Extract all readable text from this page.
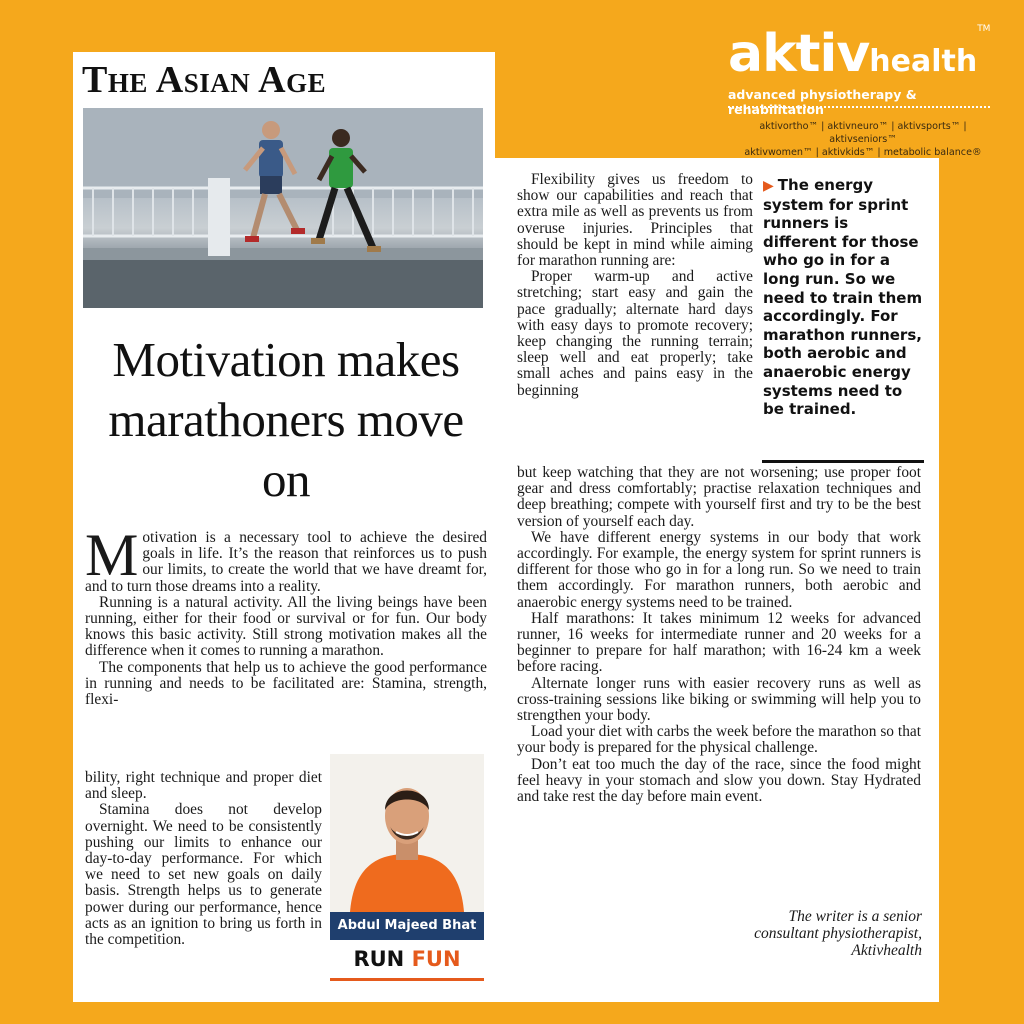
The Asian Age
Motivation makes marathoners move on

Motivation is a necessary tool to achieve the desired goals in life. It’s the reason that reinforces us to push our limits, to create the world that we have dreamt for, and to turn those dreams into a reality.

Running is a natural activity. All the living beings have been running, either for their food or survival or for fun. Our body knows this basic activity. Still strong motivation makes all the difference when it comes to running a marathon.

The components that help us to achieve the good performance in running and needs to be facilitated are: Stamina, strength, flexi-

bility, right technique and proper diet and sleep.

Stamina does not develop overnight. We need to be consistently pushing our limits to enhance our day-to-day performance. For which we need to set new goals on daily basis. Strength helps us to generate power during our performance, hence acts as an ignition to bring us forth in the competition.

Abdul Majeed Bhat
RUN FUN

Flexibility gives us freedom to show our capabilities and reach that extra mile as well as prevents us from overuse injuries. Principles that should be kept in mind while aiming for marathon running are:

Proper warm-up and active stretching; start easy and gain the pace gradually; alternate hard days with easy days to promote recovery; keep changing the running terrain; sleep well and eat properly; take small aches and pains easy in the beginning

▶ The energy system for sprint runners is different for those who go in for a long run. So we need to train them accordingly. For marathon runners, both aerobic and anaerobic energy systems need to be trained.

but keep watching that they are not worsening; use proper foot gear and dress comfortably; practise relaxation techniques and deep breathing; compete with yourself first and try to be the best version of yourself each day.

We have different energy systems in our body that work accordingly. For example, the energy system for sprint runners is different for those who go in for a long run. So we need to train them accordingly. For marathon runners, both aerobic and anaerobic energy systems need to be trained.

Half marathons: It takes minimum 12 weeks for advanced runner, 16 weeks for intermediate runner and 20 weeks for a beginner to prepare for half marathon; with 16-24 km a week before racing.

Alternate longer runs with easier recovery runs as well as cross-training sessions like biking or swimming will help you to strengthen your body.

Load your diet with carbs the week before the marathon so that your body is prepared for the physical challenge.

Don’t eat too much the day of the race, since the food might feel heavy in your stomach and slow you down. Stay Hydrated and take rest the day before main event.

The writer is a senior consultant physiotherapist, Aktivhealth
aktivhealth™
advanced physiotherapy & rehabilitation
aktivortho™ | aktivneuro™ | aktivsports™ | aktivseniors™
aktivwomen™ | aktivkids™ | metabolic balance®
